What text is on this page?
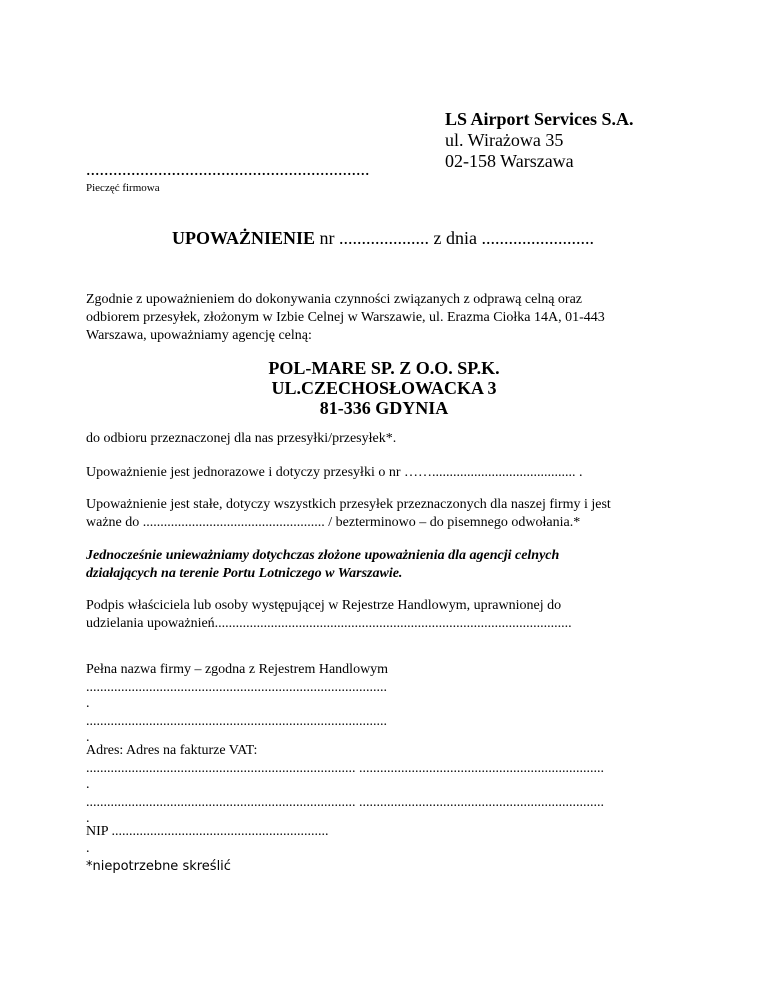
LS Airport Services S.A.
ul. Wirażowa 35
02-158 Warszawa
...............................................................
Pieczęć firmowa
UPOWAŻNIENIE nr .................... z dnia .........................
Zgodnie z upoważnieniem do dokonywania czynności związanych z odprawą celną oraz
odbiorem przesyłek, złożonym w Izbie Celnej w Warszawie, ul. Erazma Ciołka 14A, 01-443
Warszawa, upoważniamy agencję celną:
POL-MARE SP. Z O.O. SP.K.
UL.CZECHOSŁOWACKA 3
81-336 GDYNIA
do odbioru przeznaczonej dla nas przesyłki/przesyłek*.
Upoważnienie jest jednorazowe i dotyczy przesyłki o nr ……......................................... .
Upoważnienie jest stałe, dotyczy wszystkich przesyłek przeznaczonych dla naszej firmy i jest
ważne do .................................................... / bezterminowo – do pisemnego odwołania.*
Jednocześnie unieważniamy dotychczas złożone upoważnienia dla agencji celnych
działających na terenie Portu Lotniczego w Warszawie.
Podpis właściciela lub osoby występującej w Rejestrze Handlowym, uprawnionej do
udzielania upoważnień......................................................................................................
Pełna nazwa firmy – zgodna z Rejestrem Handlowym
......................................................................................
.
......................................................................................
.
Adres: Adres na fakturze VAT:
............................................................................. ......................................................................
.
............................................................................. ......................................................................
.
NIP ..............................................................
.
*niepotrzebne skreślić
